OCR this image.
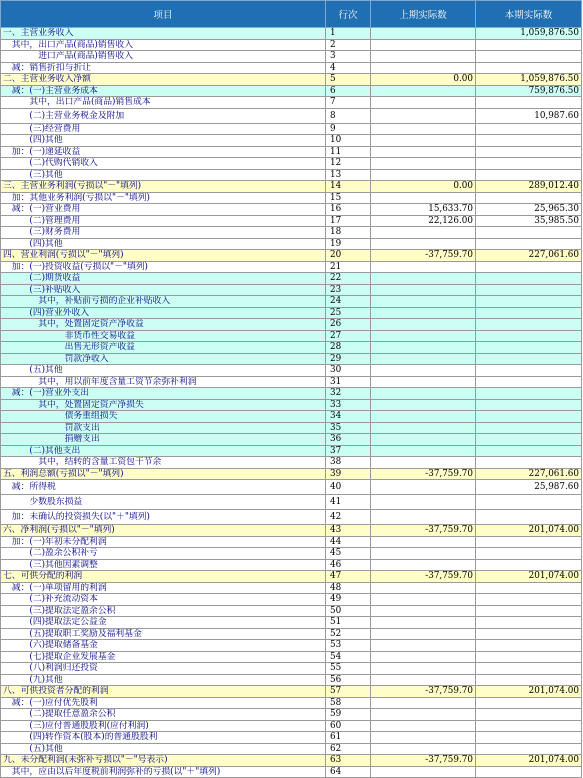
项目	行次	上期实际数	本期实际数
一、主营业务收入	1		1,059,876.50
　其中，出口产品(商品)销售收入	2		
　　　　进口产品(商品)销售收入	3		
　减：销售折扣与折让	4		
二、主营业务收入净额	5	0.00	1,059,876.50
　减：(一)主营业务成本	6		759,876.50
　　　其中，出口产品(商品)销售成本	7		
　　　(二)主营业务税金及附加	8		10,987.60
　　　(三)经营费用	9		
　　　(四)其他	10		
　加：(一)递延收益	11		
　　　(二)代购代销收入	12		
　　　(三)其他	13		
三、主营业务利润(亏损以"－"填列)	14	0.00	289,012.40
　加：其他业务利润(亏损以"－"填列)	15		
　减：(一)营业费用	16	15,633.70	25,965.30
　　　(二)管理费用	17	22,126.00	35,985.50
　　　(三)财务费用	18		
　　　(四)其他	19		
四、营业利润(亏损以"－"填列)	20	-37,759.70	227,061.60
　加：(一)投资收益(亏损以"－"填列)	21		
　　　(二)期货收益	22		
　　　(三)补贴收入	23		
　　　　其中，补贴前亏损的企业补贴收入	24		
　　　(四)营业外收入	25		
　　　　其中，处置固定资产净收益	26		
　　　　　　　非货币性交易收益	27		
　　　　　　　出售无形资产收益	28		
　　　　　　　罚款净收入	29		
　　　(五)其他	30		
　　　　其中，用以前年度含量工资节余弥补利润	31		
　减：(一)营业外支出	32		
　　　　其中，处置固定资产净损失	33		
　　　　　　　债务重组损失	34		
　　　　　　　罚款支出	35		
　　　　　　　捐赠支出	36		
　　　(二)其他支出	37		
　　　　其中，结转的含量工资包干节余	38		
五、利润总额(亏损以"－"填列)	39	-37,759.70	227,061.60
　减：所得税	40		25,987.60
　　　少数股东损益	41		
　加：未确认的投资损失(以"＋"填列)	42		
六、净利润(亏损以"－"填列)	43	-37,759.70	201,074.00
　加：(一)年初未分配利润	44		
　　　(二)盈余公积补亏	45		
　　　(三)其他因素调整	46		
七、可供分配的利润	47	-37,759.70	201,074.00
　减：(一)单项留用的利润	48		
　　　(二)补充流动资本	49		
　　　(三)提取法定盈余公积	50		
　　　(四)提取法定公益金	51		
　　　(五)提取职工奖励及福利基金	52		
　　　(六)提取储备基金	53		
　　　(七)提取企业发展基金	54		
　　　(八)利润归还投资	55		
　　　(九)其他	56		
八、可供投资者分配的利润	57	-37,759.70	201,074.00
　减：(一)应付优先股利	58		
　　　(二)提取任意盈余公积	59		
　　　(三)应付普通股股利(应付利润)	60		
　　　(四)转作资本(股本)的普通股股利	61		
　　　(五)其他	62		
九、未分配利润(未弥补亏损以"－"号表示)	63	-37,759.70	201,074.00
　其中，应由以后年度税前利润弥补的亏损(以"＋"填列)	64		
